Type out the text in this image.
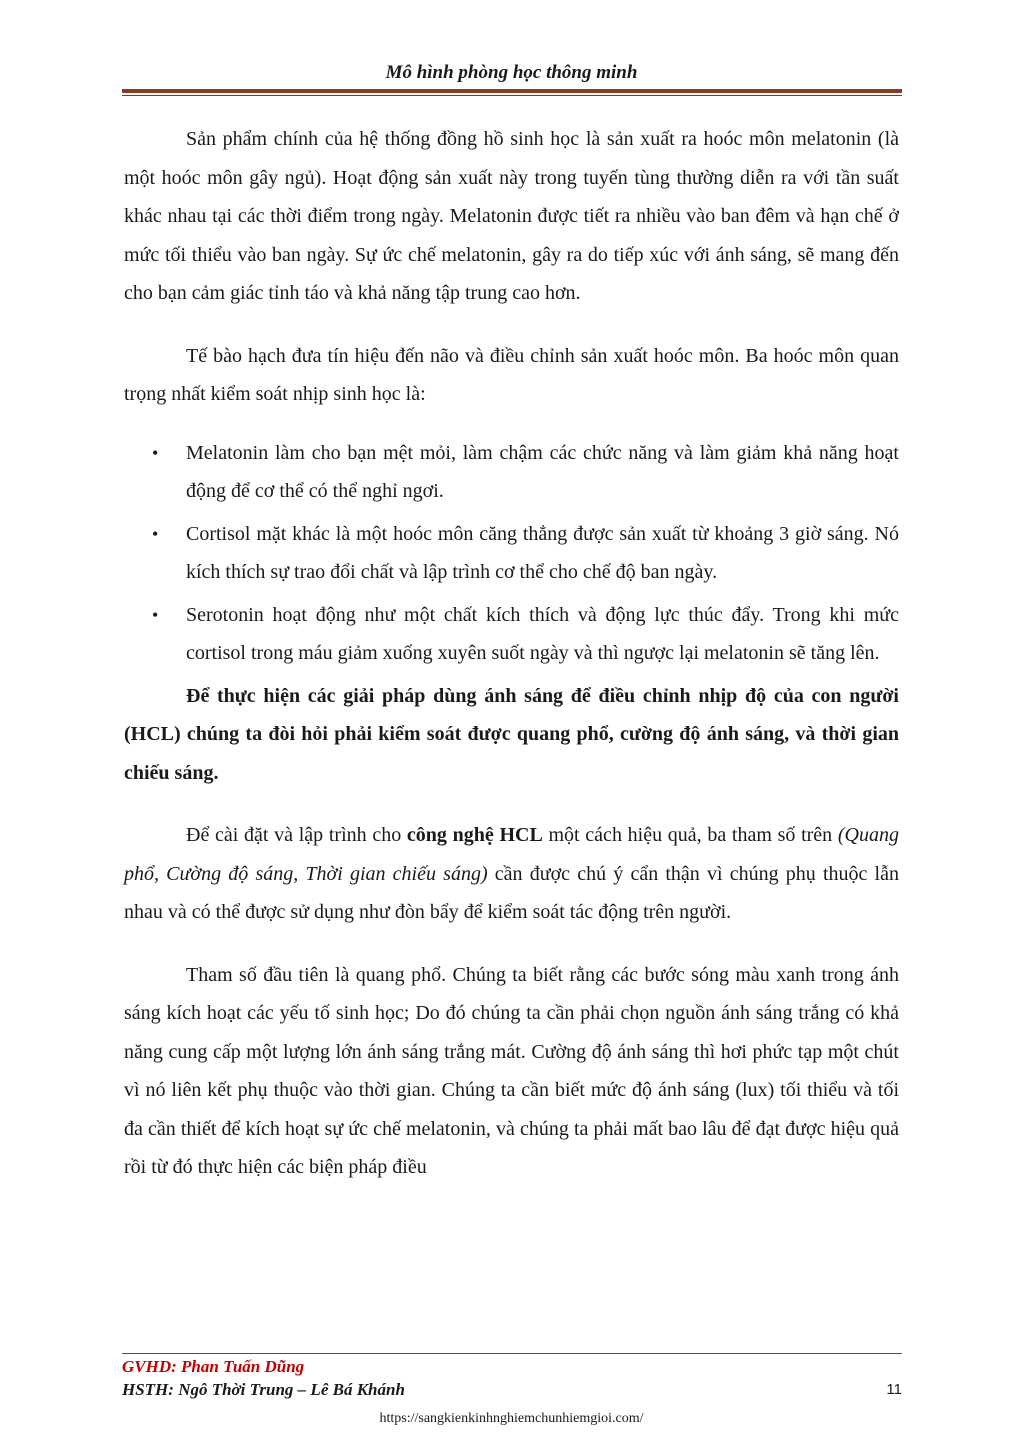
Mô hình phòng học thông minh

Sản phẩm chính của hệ thống đồng hồ sinh học là sản xuất ra hoóc môn melatonin (là một hoóc môn gây ngủ). Hoạt động sản xuất này trong tuyến tùng thường diễn ra với tần suất khác nhau tại các thời điểm trong ngày. Melatonin được tiết ra nhiều vào ban đêm và hạn chế ở mức tối thiểu vào ban ngày. Sự ức chế melatonin, gây ra do tiếp xúc với ánh sáng, sẽ mang đến cho bạn cảm giác tỉnh táo và khả năng tập trung cao hơn.

Tế bào hạch đưa tín hiệu đến não và điều chỉnh sản xuất hoóc môn. Ba hoóc môn quan trọng nhất kiểm soát nhịp sinh học là:

• Melatonin làm cho bạn mệt mỏi, làm chậm các chức năng và làm giảm khả năng hoạt động để cơ thể có thể nghỉ ngơi.
• Cortisol mặt khác là một hoóc môn căng thẳng được sản xuất từ khoảng 3 giờ sáng. Nó kích thích sự trao đổi chất và lập trình cơ thể cho chế độ ban ngày.
• Serotonin hoạt động như một chất kích thích và động lực thúc đẩy. Trong khi mức cortisol trong máu giảm xuống xuyên suốt ngày và thì ngược lại melatonin sẽ tăng lên.

Để thực hiện các giải pháp dùng ánh sáng để điều chỉnh nhịp độ của con người (HCL) chúng ta đòi hỏi phải kiểm soát được quang phổ, cường độ ánh sáng, và thời gian chiếu sáng.

Để cài đặt và lập trình cho công nghệ HCL một cách hiệu quả, ba tham số trên (Quang phổ, Cường độ sáng, Thời gian chiếu sáng) cần được chú ý cẩn thận vì chúng phụ thuộc lẫn nhau và có thể được sử dụng như đòn bẩy để kiểm soát tác động trên người.

Tham số đầu tiên là quang phổ. Chúng ta biết rằng các bước sóng màu xanh trong ánh sáng kích hoạt các yếu tố sinh học; Do đó chúng ta cần phải chọn nguồn ánh sáng trắng có khả năng cung cấp một lượng lớn ánh sáng trắng mát. Cường độ ánh sáng thì hơi phức tạp một chút vì nó liên kết phụ thuộc vào thời gian. Chúng ta cần biết mức độ ánh sáng (lux) tối thiểu và tối đa cần thiết để kích hoạt sự ức chế melatonin, và chúng ta phải mất bao lâu để đạt được hiệu quả rồi từ đó thực hiện các biện pháp điều

GVHD: Phan Tuấn Dũng
HSTH: Ngô Thời Trung – Lê Bá Khánh	11
https://sangkienkinhnghiemchunhiemgioi.com/
